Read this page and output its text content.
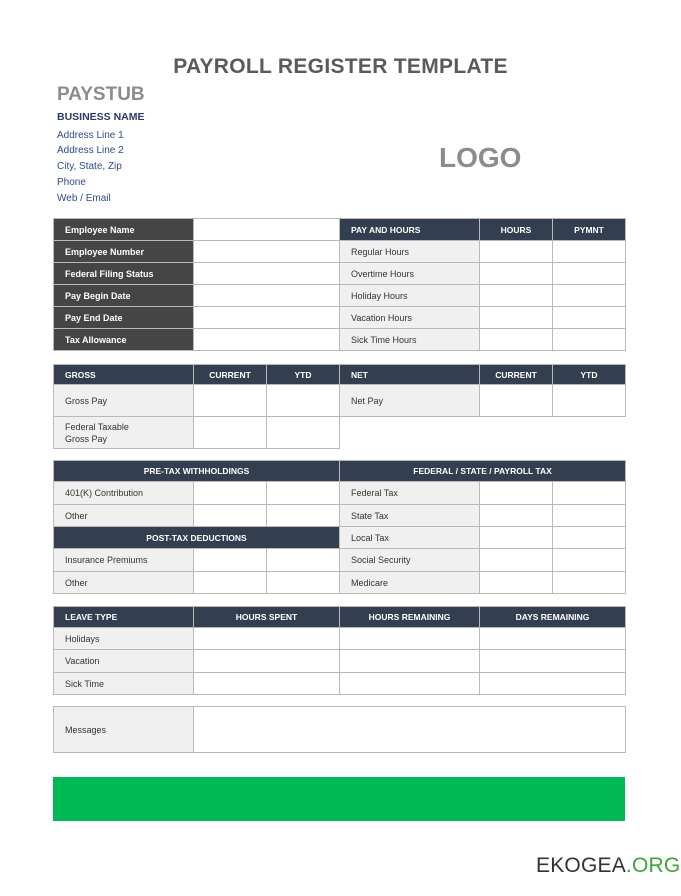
PAYROLL REGISTER TEMPLATE
PAYSTUB
BUSINESS NAME
Address Line 1
Address Line 2
City, State, Zip
Phone
Web / Email
LOGO
Employee Name		PAY AND HOURS	HOURS	PYMNT
Employee Number		Regular Hours		
Federal Filing Status		Overtime Hours		
Pay Begin Date		Holiday Hours		
Pay End Date		Vacation Hours		
Tax Allowance		Sick Time Hours		
GROSS	CURRENT	YTD	NET	CURRENT	YTD
Gross Pay			Net Pay		
Federal Taxable
Gross Pay					
PRE-TAX WITHHOLDINGS			FEDERAL / STATE / PAYROLL TAX		
401(K) Contribution			Federal Tax		
Other			State Tax		
POST-TAX DEDUCTIONS			Local Tax		
Insurance Premiums			Social Security		
Other			Medicare		
LEAVE TYPE	HOURS SPENT	HOURS REMAINING	DAYS REMAINING
Holidays			
Vacation			
Sick Time			
Messages	
EKOGEA.ORG
